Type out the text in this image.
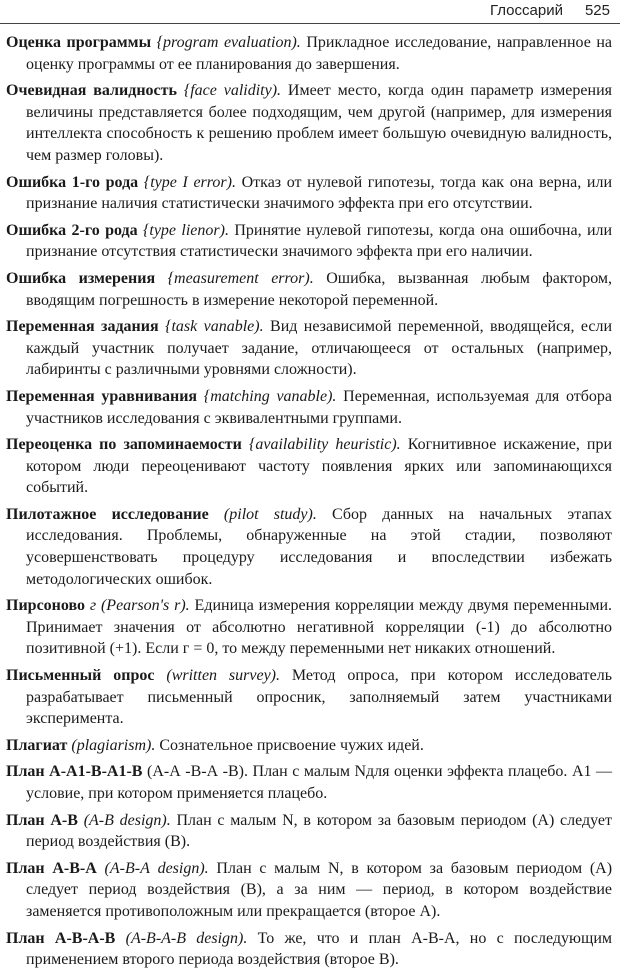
Глоссарий 525

Оценка программы {program evaluation). Прикладное исследование, направленное на оценку программы от ее планирования до завершения.

Очевидная валидность {face validity). Имеет место, когда один параметр измерения величины представляется более подходящим, чем другой (например, для измерения интеллекта способность к решению проблем имеет большую очевидную валидность, чем размер головы).

Ошибка 1-го рода {type I error). Отказ от нулевой гипотезы, тогда как она верна, или признание наличия статистически значимого эффекта при его отсутствии.

Ошибка 2-го рода {type lienor). Принятие нулевой гипотезы, когда она ошибочна, или признание отсутствия статистически значимого эффекта при его наличии.

Ошибка измерения {measurement error). Ошибка, вызванная любым фактором, вводящим погрешность в измерение некоторой переменной.

Переменная задания {task vanable). Вид независимой переменной, вводящейся, если каждый участник получает задание, отличающееся от остальных (например, лабиринты с различными уровнями сложности).

Переменная уравнивания {matching vanable). Переменная, используемая для отбора участников исследования с эквивалентными группами.

Переоценка по запоминаемости {availability heuristic). Когнитивное искажение, при котором люди переоценивают частоту появления ярких или запоминающихся событий.

Пилотажное исследование (pilot study). Сбор данных на начальных этапах исследования. Проблемы, обнаруженные на этой стадии, позволяют усовершенствовать процедуру исследования и впоследствии избежать методологических ошибок.

Пирсоново г (Pearson's r). Единица измерения корреляции между двумя переменными. Принимает значения от абсолютно негативной корреляции (-1) до абсолютно позитивной (+1). Если г = 0, то между переменными нет никаких отношений.

Письменный опрос (written survey). Метод опроса, при котором исследователь разрабатывает письменный опросник, заполняемый затем участниками эксперимента.

Плагиат (plagiarism). Сознательное присвоение чужих идей.

План А-А1-В-А1-В (А-А -В-А -В). План с малым Nдля оценки эффекта плацебо. А1 — условие, при котором применяется плацебо.

План А-В (А-В design). План с малым N, в котором за базовым периодом (А) следует период воздействия (В).

План А-В-А (А-В-А design). План с малым N, в котором за базовым периодом (А) следует период воздействия (В), а за ним — период, в котором воздействие заменяется противоположным или прекращается (второе А).

План А-В-А-В (А-В-А-В design). То же, что и план А-В-А, но с последующим применением второго периода воздействия (второе В).
